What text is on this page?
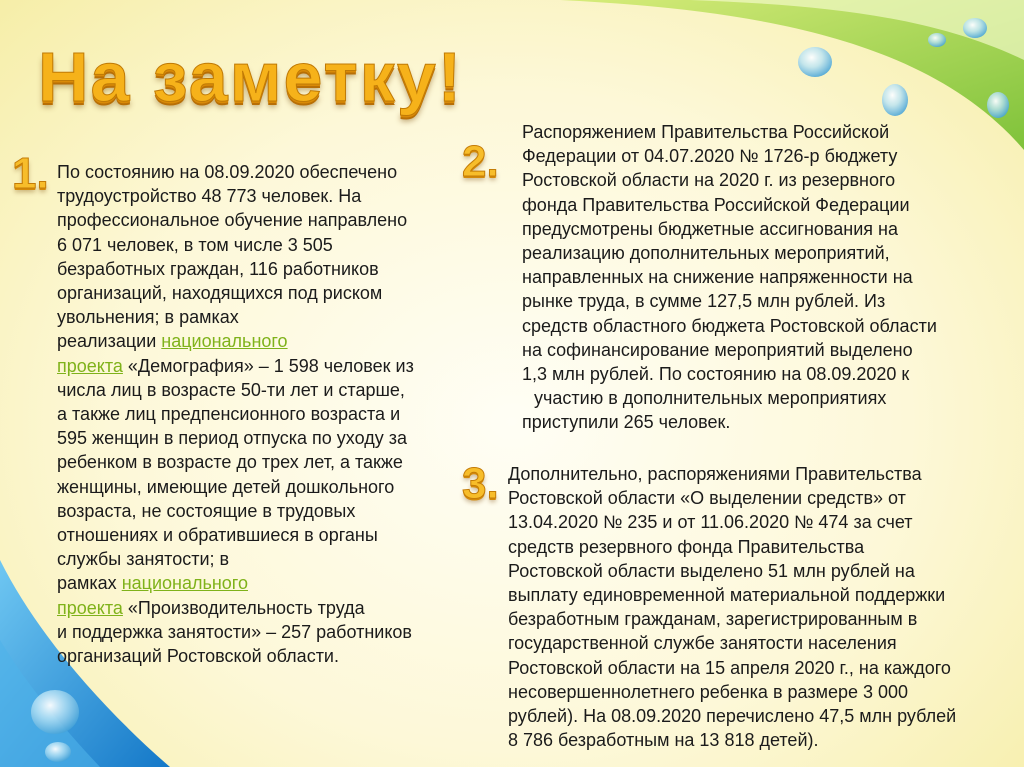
На заметку!
1.	2.
3.
По состоянию на 08.09.2020 обеспечено
трудоустройство 48 773 человек. На
профессиональное обучение направлено
6 071 человек, в том числе 3 505
безработных граждан, 116 работников
организаций, находящихся под риском
увольнения; в рамках
реализации национального
проекта «Демография» – 1 598 человек из
числа лиц в возрасте 50-ти лет и старше,
а также лиц предпенсионного возраста и
595 женщин в период отпуска по уходу за
ребенком в возрасте до трех лет, а также
женщины, имеющие детей дошкольного
возраста, не состоящие в трудовых
отношениях и обратившиеся в органы
службы занятости; в
рамках национального
проекта «Производительность труда
и поддержка занятости» – 257 работников
организаций Ростовской области.
Распоряжением Правительства Российской
Федерации от 04.07.2020 № 1726-р бюджету
Ростовской области на 2020 г. из резервного
фонда Правительства Российской Федерации
предусмотрены бюджетные ассигнования на
реализацию дополнительных мероприятий,
направленных на снижение напряженности на
рынке труда, в сумме 127,5 млн рублей. Из
средств областного бюджета Ростовской области
на софинансирование мероприятий выделено
1,3 млн рублей. По состоянию на 08.09.2020 к
участию в дополнительных мероприятиях
приступили 265 человек.
Дополнительно, распоряжениями Правительства
Ростовской области «О выделении средств» от
13.04.2020 № 235 и от 11.06.2020 № 474 за счет
средств резервного фонда Правительства
Ростовской области выделено 51 млн рублей на
выплату единовременной материальной поддержки
безработным гражданам, зарегистрированным в
государственной службе занятости населения
Ростовской области на 15 апреля 2020 г., на каждого
несовершеннолетнего ребенка в размере 3 000
рублей). На 08.09.2020 перечислено 47,5 млн рублей
8 786 безработным на 13 818 детей).
